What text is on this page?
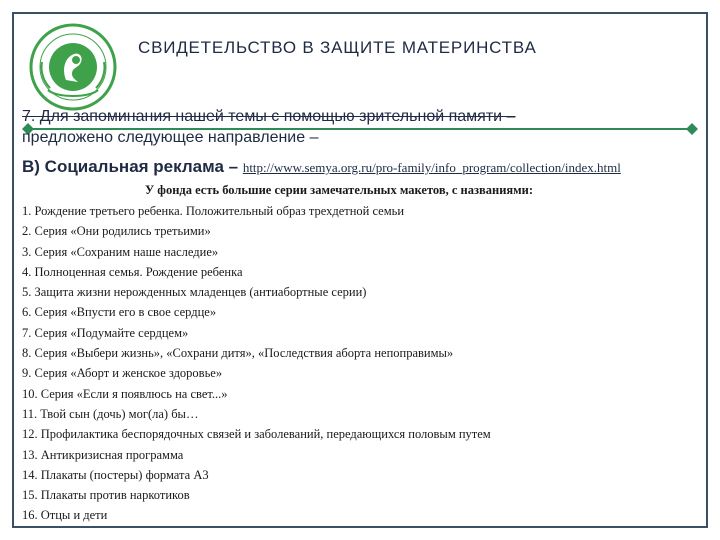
СВИДЕТЕЛЬСТВО В ЗАЩИТЕ МАТЕРИНСТВА
7. Для запоминания нашей темы с помощью зрительной памяти –
предложено следующее направление –
В) Социальная реклама – http://www.semya.org.ru/pro-family/info_program/collection/index.html
У фонда есть большие серии замечательных макетов, с названиями:
1. Рождение третьего ребенка. Положительный образ трехдетной семьи
2. Серия «Они родились третьими»
3. Серия «Сохраним наше наследие»
4. Полноценная семья. Рождение ребенка
5. Защита жизни нерожденных младенцев (антиабортные серии)
6. Серия «Впусти его в свое сердце»
7. Серия «Подумайте сердцем»
8. Серия «Выбери жизнь», «Сохрани дитя», «Последствия аборта непоправимы»
9. Серия «Аборт и женское здоровье»
10. Серия «Если я появлюсь на свет...»
11. Твой сын (дочь) мог(ла) бы…
12. Профилактика беспорядочных связей и заболеваний, передающихся половым путем
13. Антикризисная программа
14. Плакаты (постеры) формата А3
15. Плакаты против наркотиков
16. Отцы и дети
